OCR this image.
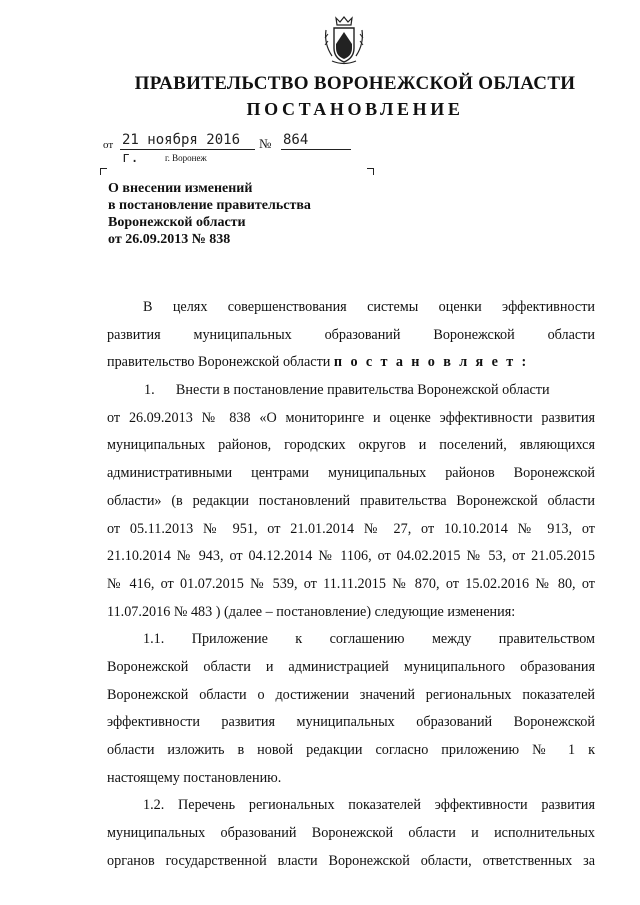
ПРАВИТЕЛЬСТВО ВОРОНЕЖСКОЙ ОБЛАСТИ
ПОСТАНОВЛЕНИЕ
от 21 ноября 2016 г.
№ 864
г. Воронеж
О внесении изменений
в постановление правительства
Воронежской области
от 26.09.2013 № 838
В целях совершенствования системы оценки эффективности
развития муниципальных образований Воронежской области
правительство Воронежской области п о с т а н о в л я е т :
1.      Внести в постановление правительства Воронежской области
от 26.09.2013 № 838 «О мониторинге и оценке эффективности развития
муниципальных районов, городских округов и поселений, являющихся
административными центрами муниципальных районов Воронежской
области» (в редакции постановлений правительства Воронежской области
от 05.11.2013 № 951, от 21.01.2014 № 27, от 10.10.2014 № 913, от
21.10.2014 № 943, от 04.12.2014 № 1106, от 04.02.2015 № 53, от 21.05.2015
№ 416, от 01.07.2015 № 539, от 11.11.2015 № 870, от 15.02.2016 № 80, от
11.07.2016 № 483 ) (далее – постановление) следующие изменения:
1.1. Приложение к соглашению между правительством
Воронежской области и администрацией муниципального образования
Воронежской области о достижении значений региональных показателей
эффективности развития муниципальных образований Воронежской
области изложить в новой редакции согласно приложению № 1 к
настоящему постановлению.
1.2. Перечень региональных показателей эффективности развития
муниципальных образований Воронежской области и исполнительных
органов государственной власти Воронежской области, ответственных за
